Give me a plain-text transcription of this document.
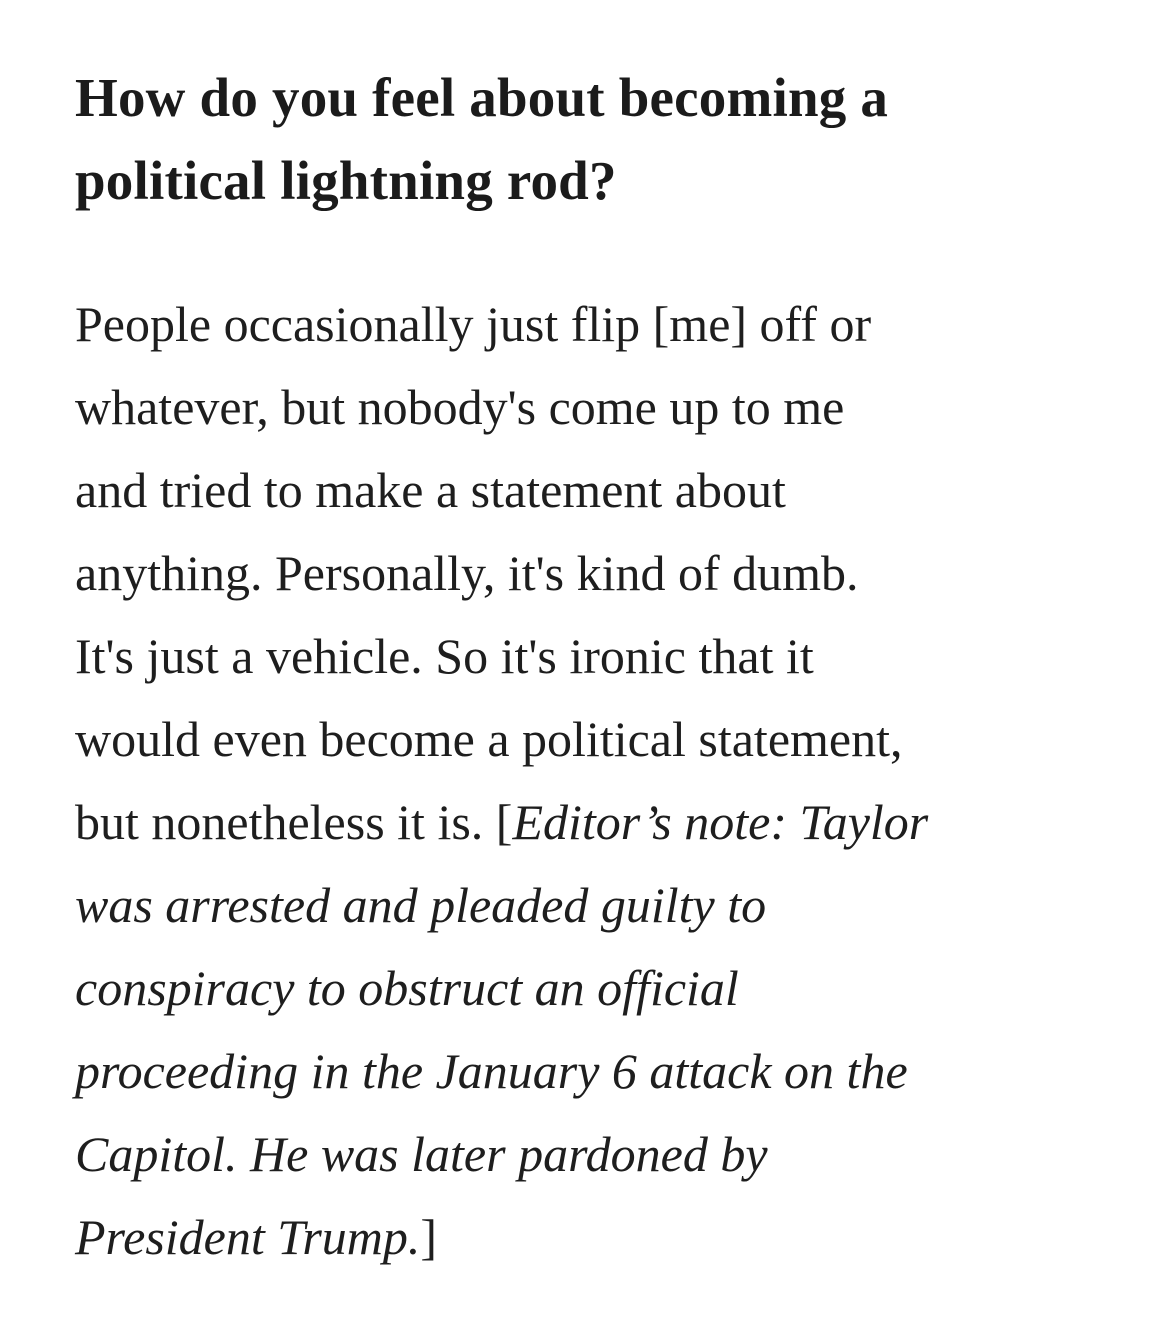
How do you feel about becoming a
political lightning rod?
People occasionally just flip [me] off or
whatever, but nobody's come up to me
and tried to make a statement about
anything. Personally, it's kind of dumb.
It's just a vehicle. So it's ironic that it
would even become a political statement,
but nonetheless it is. [Editor’s note: Taylor
was arrested and pleaded guilty to
conspiracy to obstruct an official
proceeding in the January 6 attack on the
Capitol. He was later pardoned by
President Trump.]
